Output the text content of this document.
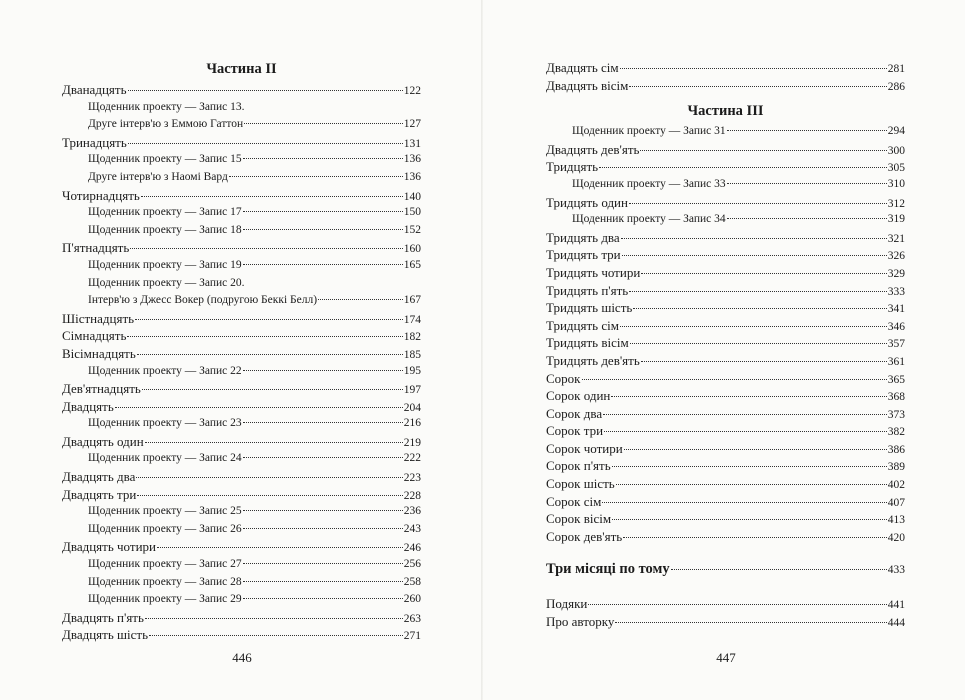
Частина II
Дванадцять	122
Щоденник проекту — Запис 13.
Друге інтерв'ю з Еммою Гаттон	127
Тринадцять	131
Щоденник проекту — Запис 15	136
Друге інтерв'ю з Наомі Вард	136
Чотирнадцять	140
Щоденник проекту — Запис 17	150
Щоденник проекту — Запис 18	152
П'ятнадцять	160
Щоденник проекту — Запис 19	165
Щоденник проекту — Запис 20.
Інтерв'ю з Джесс Вокер (подругою Беккі Белл)	167
Шістнадцять	174
Сімнадцять	182
Вісімнадцять	185
Щоденник проекту — Запис 22	195
Дев'ятнадцять	197
Двадцять	204
Щоденник проекту — Запис 23	216
Двадцять один	219
Щоденник проекту — Запис 24	222
Двадцять два	223
Двадцять три	228
Щоденник проекту — Запис 25	236
Щоденник проекту — Запис 26	243
Двадцять чотири	246
Щоденник проекту — Запис 27	256
Щоденник проекту — Запис 28	258
Щоденник проекту — Запис 29	260
Двадцять п'ять	263
Двадцять шість	271
446
Двадцять сім	281
Двадцять вісім	286
Частина III
Щоденник проекту — Запис 31	294
Двадцять дев'ять	300
Тридцять	305
Щоденник проекту — Запис 33	310
Тридцять один	312
Щоденник проекту — Запис 34	319
Тридцять два	321
Тридцять три	326
Тридцять чотири	329
Тридцять п'ять	333
Тридцять шість	341
Тридцять сім	346
Тридцять вісім	357
Тридцять дев'ять	361
Сорок	365
Сорок один	368
Сорок два	373
Сорок три	382
Сорок чотири	386
Сорок п'ять	389
Сорок шість	402
Сорок сім	407
Сорок вісім	413
Сорок дев'ять	420
Три місяці по тому	433
Подяки	441
Про авторку	444
447
